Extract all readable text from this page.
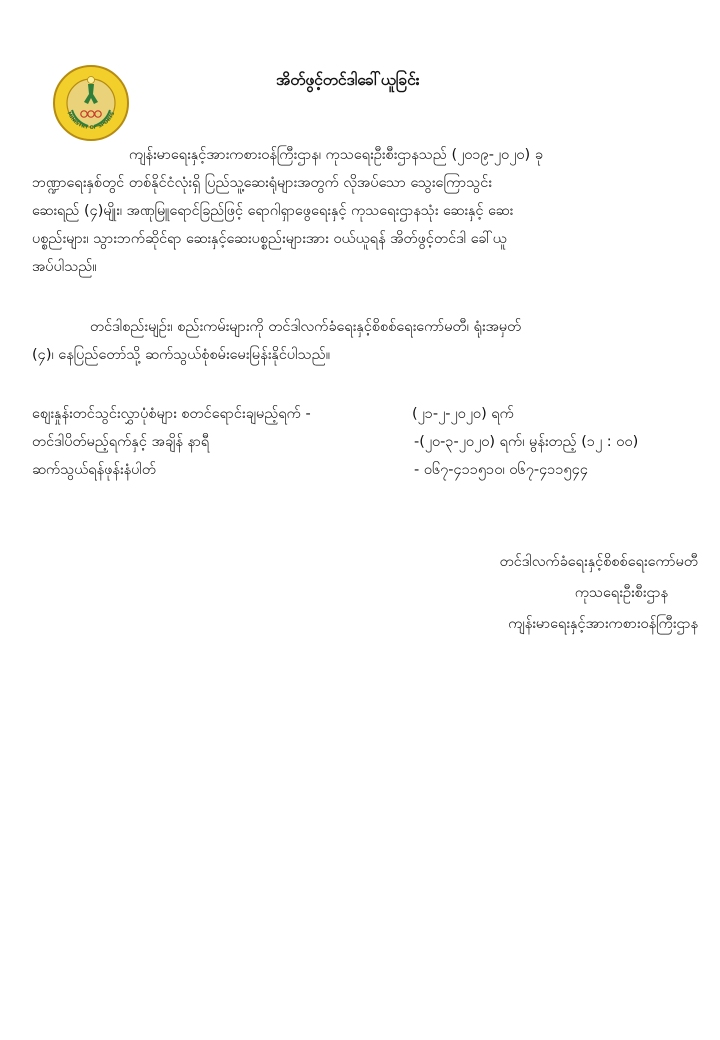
MINISTRY OF SPORTS
အိတ်ဖွင့်တင်ဒါခေါ်ယူခြင်း
ကျန်းမာရေးနှင့်အားကစားဝန်ကြီးဌာန၊ ကုသရေးဦးစီးဌာနသည် (၂၀၁၉-၂၀၂၀) ခု
ဘဏ္ဍာရေးနှစ်တွင် တစ်နိုင်ငံလုံးရှိ ပြည်သူ့ဆေးရုံများအတွက် လိုအပ်သော သွေးကြောသွင်း
ဆေးရည် (၄)မျိုး၊ အဏုမြူရောင်ခြည်ဖြင့် ရောဂါရှာဖွေရေးနှင့် ကုသရေးဌာနသုံး ဆေးနှင့် ဆေး
ပစ္စည်းများ၊ သွားဘက်ဆိုင်ရာ ဆေးနှင့်ဆေးပစ္စည်းများအား ဝယ်ယူရန် အိတ်ဖွင့်တင်ဒါ ခေါ်ယူ
အပ်ပါသည်။
တင်ဒါစည်းမျဉ်း၊ စည်းကမ်းများကို တင်ဒါလက်ခံရေးနှင့်စိစစ်ရေးကော်မတီ၊ ရုံးအမှတ်
(၄)၊ နေပြည်တော်သို့ ဆက်သွယ်စုံစမ်းမေးမြန်းနိုင်ပါသည်။
စျေးနှုန်းတင်သွင်းလွှာပုံစံများ စတင်ရောင်းချမည့်ရက် -	(၂၁-၂-၂၀၂၀) ရက်
တင်ဒါပိတ်မည့်ရက်နှင့် အချိန် နာရီ	-(၂၀-၃-၂၀၂၀) ရက်၊ မွန်းတည့် (၁၂ : ၀၀)
ဆက်သွယ်ရန်ဖုန်းနံပါတ်	- ၀၆၇-၄၁၁၅၁၀၊ ၀၆၇-၄၁၁၅၄၄
တင်ဒါလက်ခံရေးနှင့်စိစစ်ရေးကော်မတီ
ကုသရေးဦးစီးဌာန
ကျန်းမာရေးနှင့်အားကစားဝန်ကြီးဌာန
